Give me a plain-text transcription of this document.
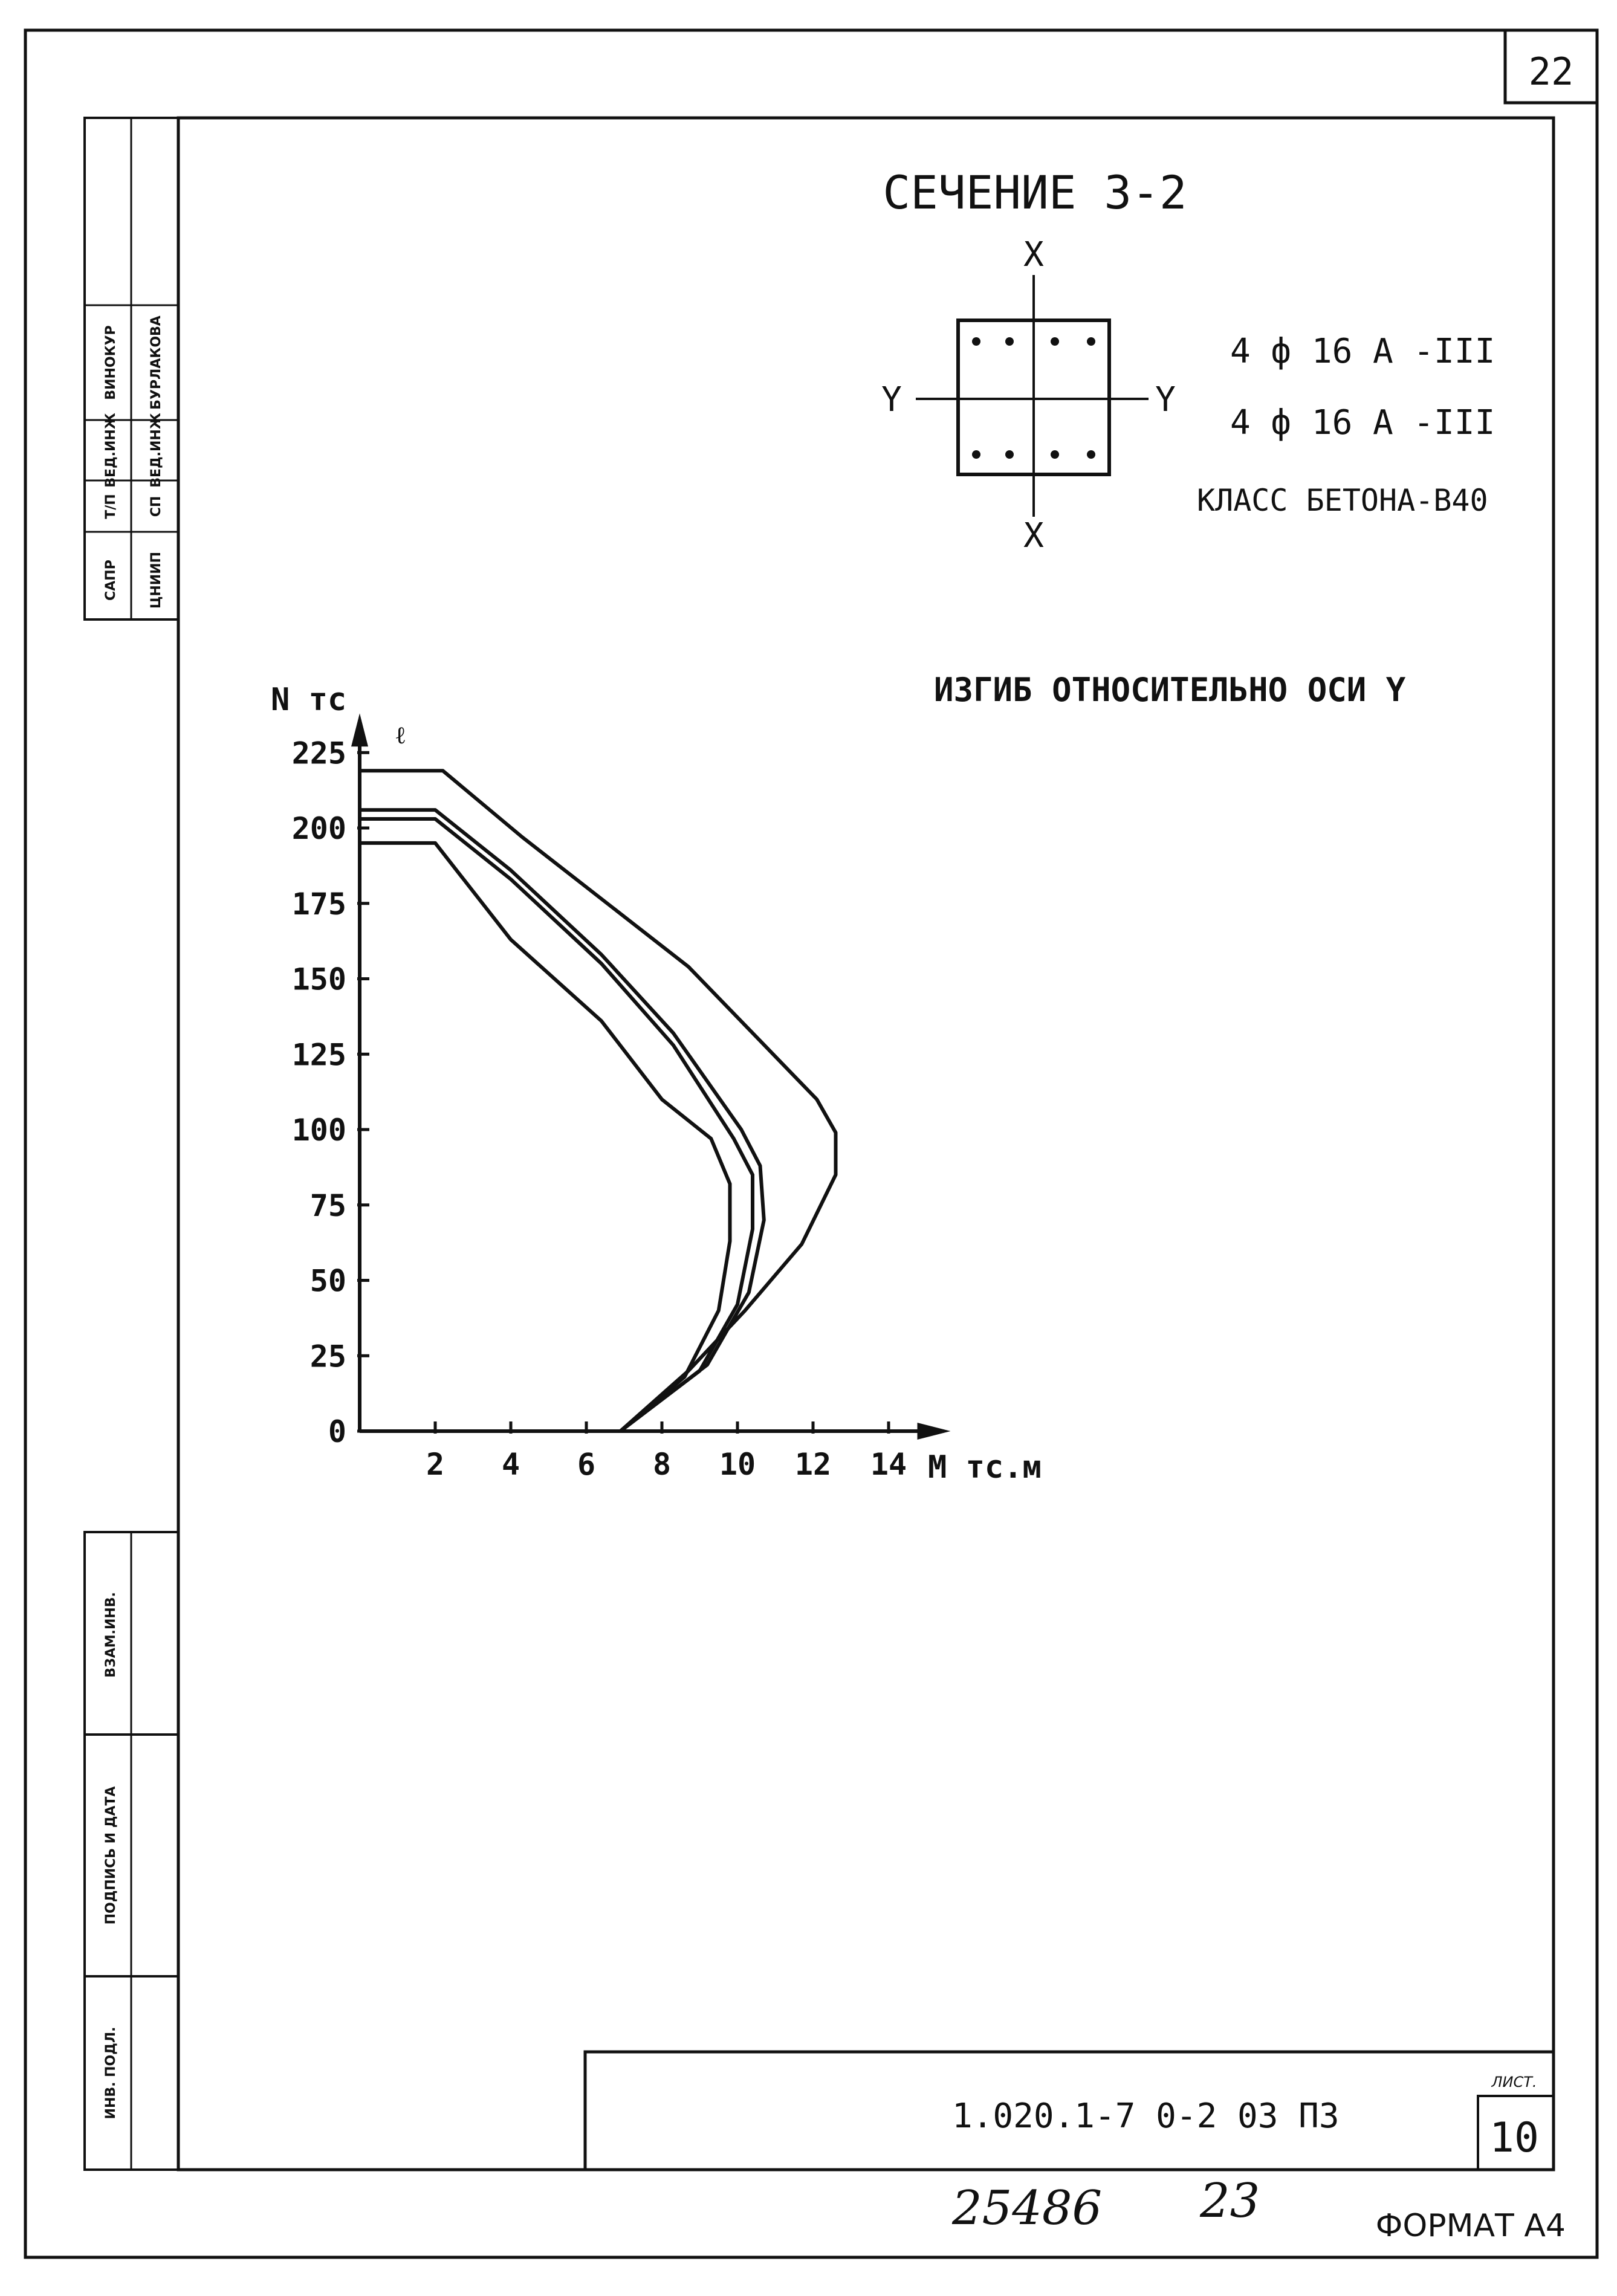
22
САПР
Т/П
ВЕД.ИНЖ
ВИНОКУР
ЦНИИП
СП
ВЕД.ИНЖ
БУРЛАКОВА
ВЗАМ.ИНВ.
ПОДПИСЬ И ДАТА
ИНВ. ПОДЛ.
СЕЧЕНИЕ 3-2
X
X
Y	Y
4 ф 16 А -III
4 ф 16 А -III
КЛАСС БЕТОНА-В40
ИЗГИБ ОТНОСИТЕЛЬНО ОСИ Y
N тс
М тс.м
ℓ
2 4 6 8 10 12 14
0
25
50
75
100
125
150
175
200
225
1.020.1-7 0-2 03 ПЗ
ЛИСТ.
10
25486 23	ФОРМАТ А4
